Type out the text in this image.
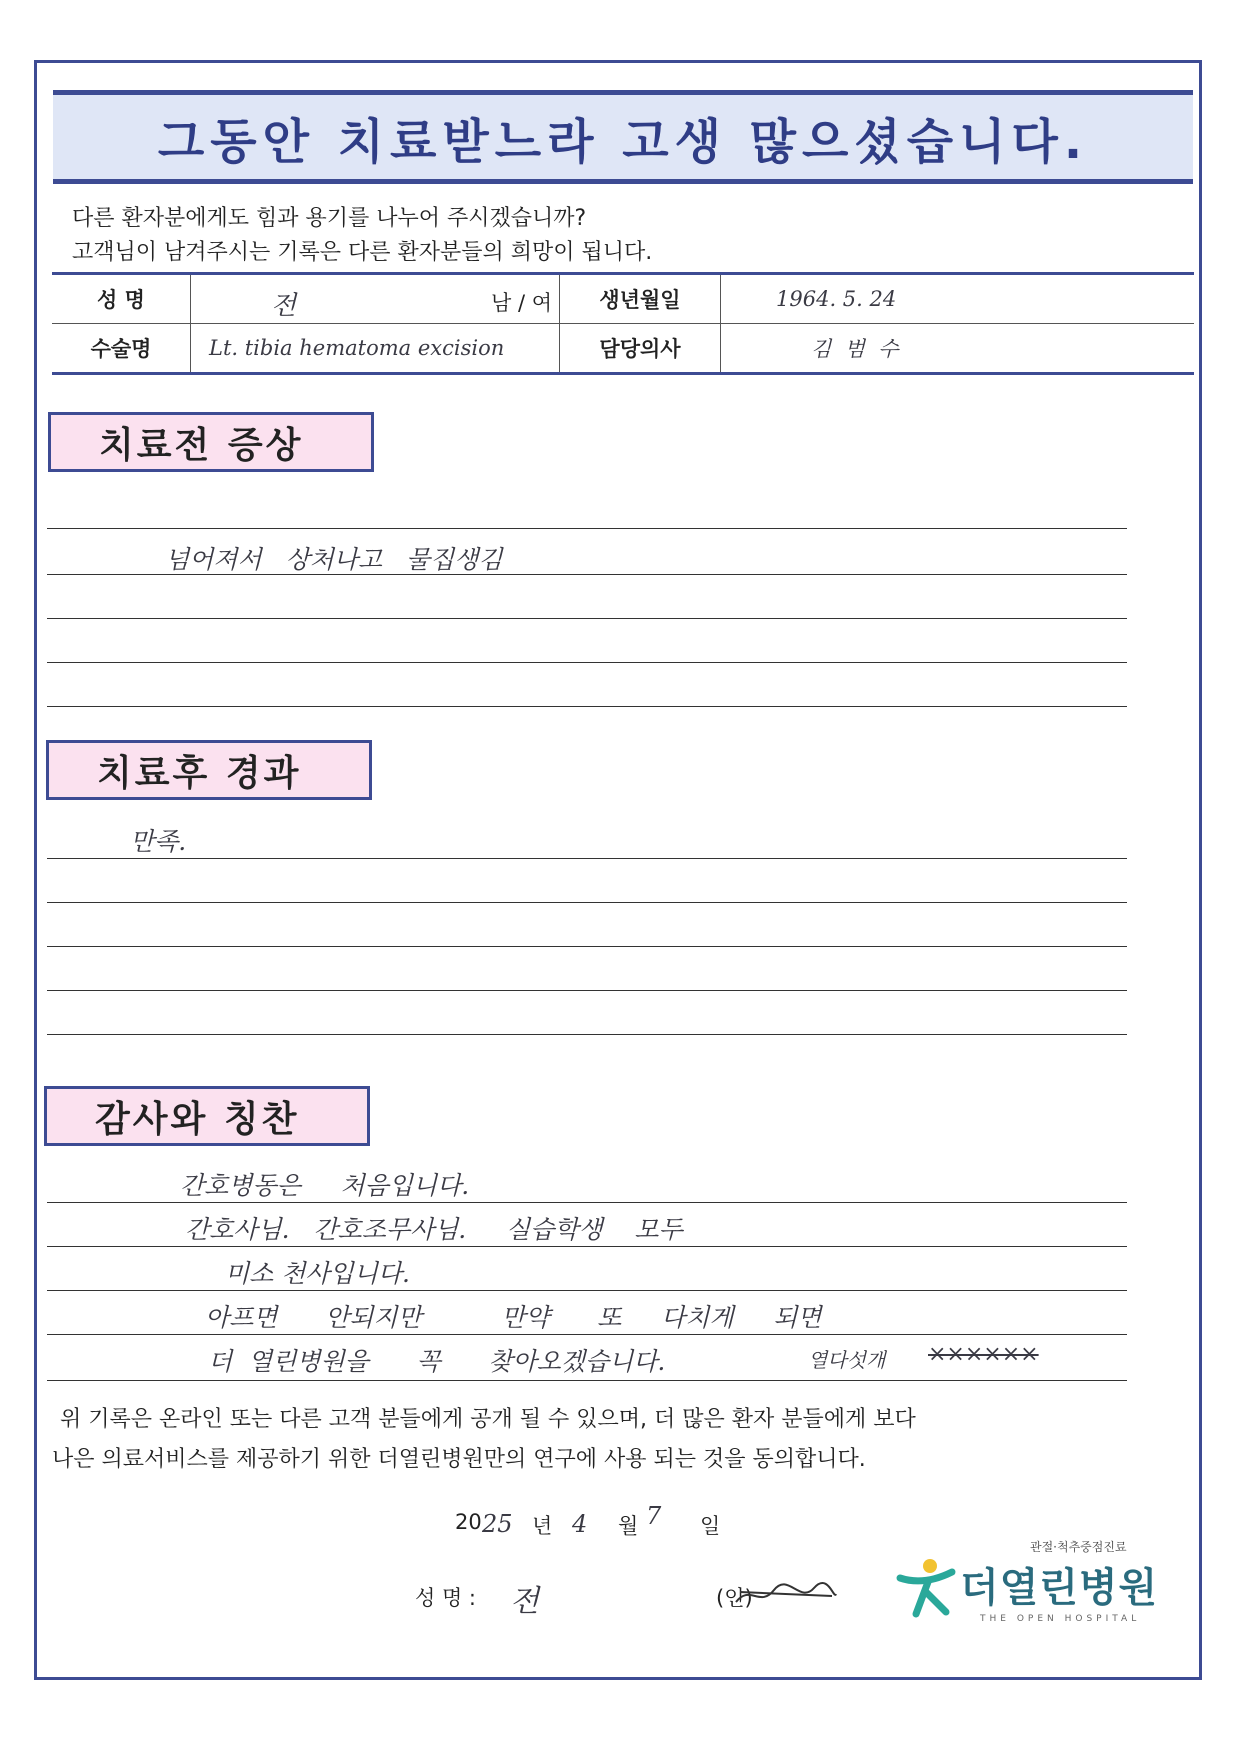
그동안 치료받느라 고생 많으셨습니다.
다른 환자분에게도 힘과 용기를 나누어 주시겠습니까?
고객님이 남겨주시는 기록은 다른 환자분들의 희망이 됩니다.
성 명	전 남 / 여	생년월일	1964. 5. 24
수술명	Lt. tibia hematoma excision	담당의사	김  범  수
치료전 증상
넘어져서   상처나고   물집생김
치료후 경과
만족.
감사와 칭찬
간호병동은     처음입니다.
간호사님.   간호조무사님.     실습학생    모두
미소 천사입니다.
아프면      안되지만          만약      또     다치게     되면
더  열린병원을      꼭      찾아오겠습니다.	열다섯개 ××××××
위 기록은 온라인 또는 다른 고객 분들에게 공개 될 수 있으며, 더 많은 환자 분들에게 보다
나은 의료서비스를 제공하기 위한 더열린병원만의 연구에 사용 되는 것을 동의합니다.
20 25 년 4 월 7 일
성 명 : 전	(인)
관절·척추중점진료
더열린병원
THE OPEN HOSPITAL
